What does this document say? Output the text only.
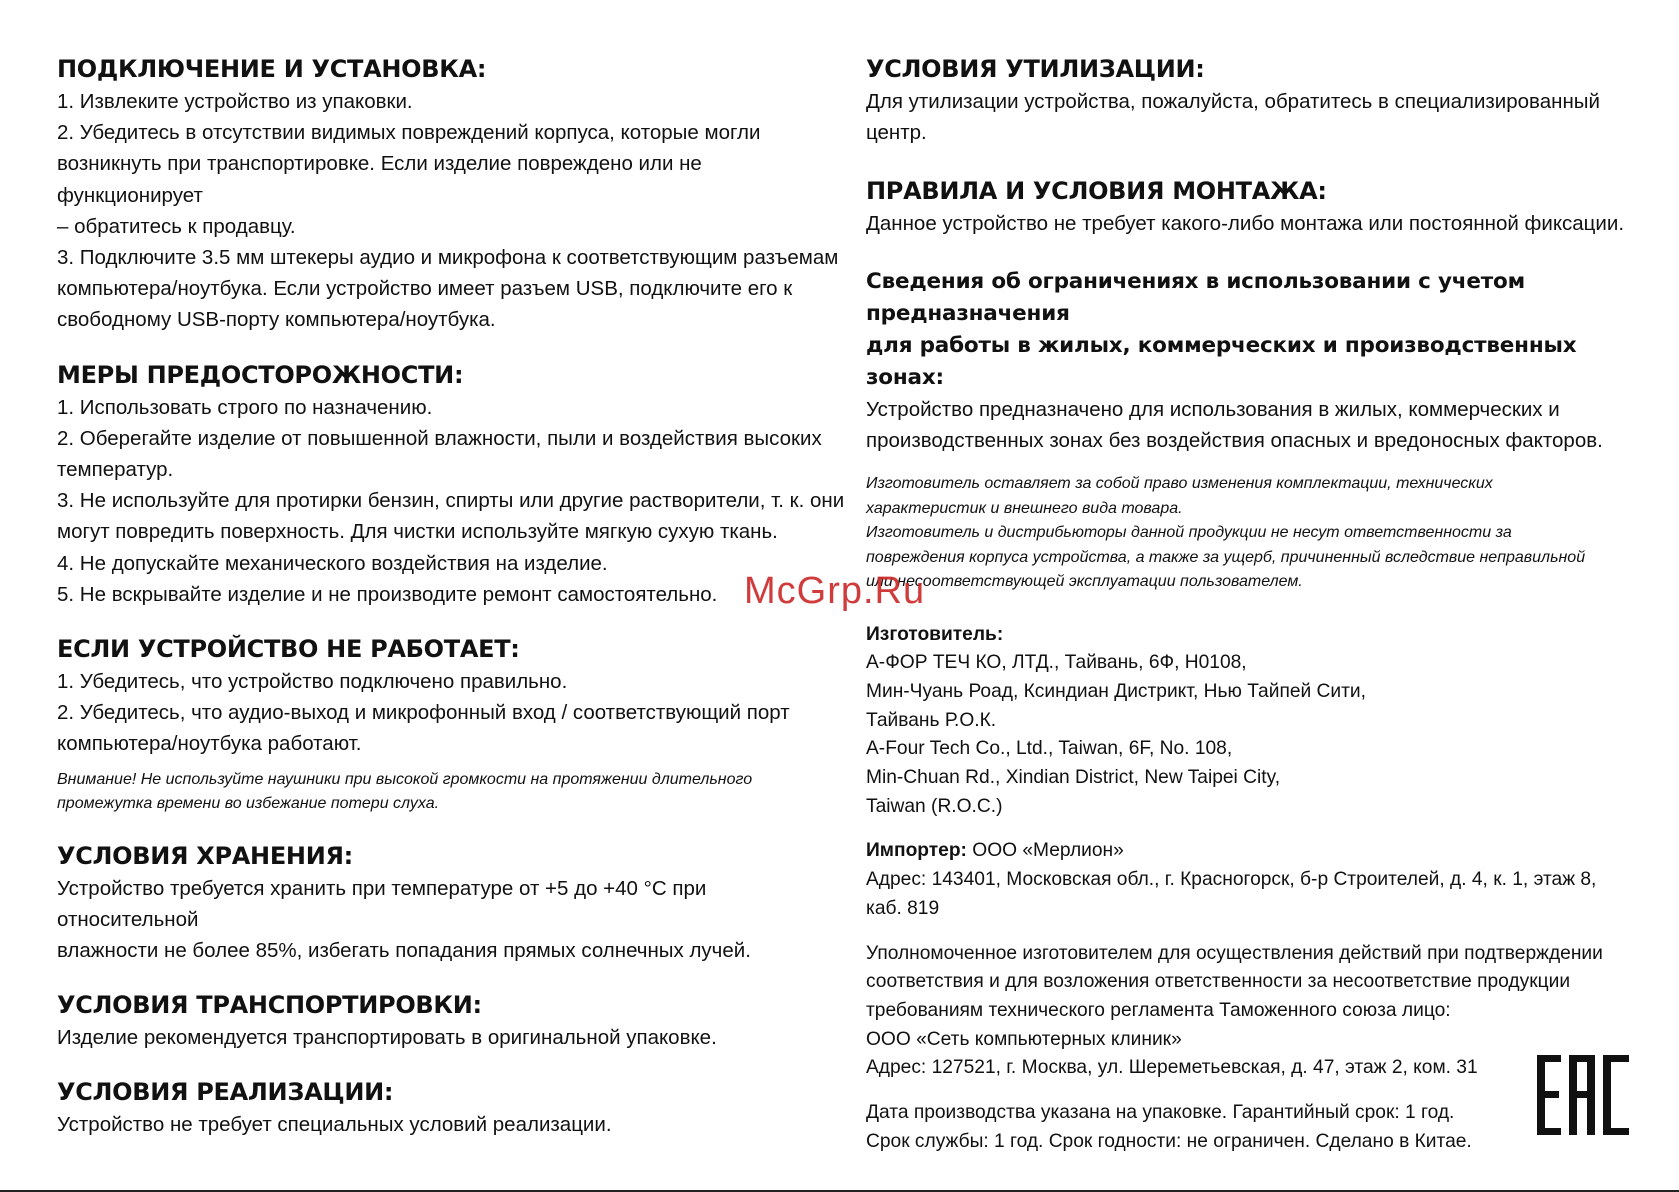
ПОДКЛЮЧЕНИЕ И УСТАНОВКА:
1. Извлеките устройство из упаковки.
2. Убедитесь в отсутствии видимых повреждений корпуса, которые могли
возникнуть при транспортировке. Если изделие повреждено или не функционирует
– обратитесь к продавцу.
3. Подключите 3.5 мм штекеры аудио и микрофона к соответствующим разъемам
компьютера/ноутбука. Если устройство имеет разъем USB, подключите его к
свободному USB-порту компьютера/ноутбука.
МЕРЫ ПРЕДОСТОРОЖНОСТИ:
1. Использовать строго по назначению.
2. Оберегайте изделие от повышенной влажности, пыли и воздействия высоких
температур.
3. Не используйте для протирки бензин, спирты или другие растворители, т. к. они
могут повредить поверхность. Для чистки используйте мягкую сухую ткань.
4. Не допускайте механического воздействия на изделие.
5. Не вскрывайте изделие и не производите ремонт самостоятельно.
ЕСЛИ УСТРОЙСТВО НЕ РАБОТАЕТ:
1. Убедитесь, что устройство подключено правильно.
2. Убедитесь, что аудио-выход и микрофонный вход / соответствующий порт
компьютера/ноутбука работают.
Внимание! Не используйте наушники при высокой громкости на протяжении длительного
промежутка времени во избежание потери слуха.
УСЛОВИЯ ХРАНЕНИЯ:
Устройство требуется хранить при температуре от +5 до +40 °С при относительной
влажности не более 85%, избегать попадания прямых солнечных лучей.
УСЛОВИЯ ТРАНСПОРТИРОВКИ:
Изделие рекомендуется транспортировать в оригинальной упаковке.
УСЛОВИЯ РЕАЛИЗАЦИИ:
Устройство не требует специальных условий реализации.
УСЛОВИЯ УТИЛИЗАЦИИ:
Для утилизации устройства, пожалуйста, обратитесь в специализированный
центр.
ПРАВИЛА И УСЛОВИЯ МОНТАЖА:
Данное устройство не требует какого-либо монтажа или постоянной фиксации.
Сведения об ограничениях в использовании с учетом предназначения
для работы в жилых, коммерческих и производственных зонах:
Устройство предназначено для использования в жилых, коммерческих и
производственных зонах без воздействия опасных и вредоносных факторов.
Изготовитель оставляет за собой право изменения комплектации, технических
характеристик и внешнего вида товара.
Изготовитель и дистрибьюторы данной продукции не несут ответственности за
повреждения корпуса устройства, а также за ущерб, причиненный вследствие неправильной
или несоответствующей эксплуатации пользователем.
Изготовитель:
А-ФОР ТЕЧ КО, ЛТД., Тайвань, 6Ф, Н0108,
Мин-Чуань Роад, Ксиндиан Дистрикт, Нью Тайпей Сити,
Тайвань Р.О.К.
A-Four Tech Co., Ltd., Taiwan, 6F, No. 108,
Min-Chuan Rd., Xindian District, New Taipei City,
Taiwan (R.O.C.)
Импортер: ООО «Мерлион»
Адрес: 143401, Московская обл., г. Красногорск, б-р Строителей, д. 4, к. 1, этаж 8,
каб. 819
Уполномоченное изготовителем для осуществления действий при подтверждении
соответствия и для возложения ответственности за несоответствие продукции
требованиям технического регламента Таможенного союза лицо:
ООО «Сеть компьютерных клиник»
Адрес: 127521, г. Москва, ул. Шереметьевская, д. 47, этаж 2, ком. 31
Дата производства указана на упаковке. Гарантийный срок: 1 год.
Срок службы: 1 год. Срок годности: не ограничен. Сделано в Китае.
McGrp.Ru
